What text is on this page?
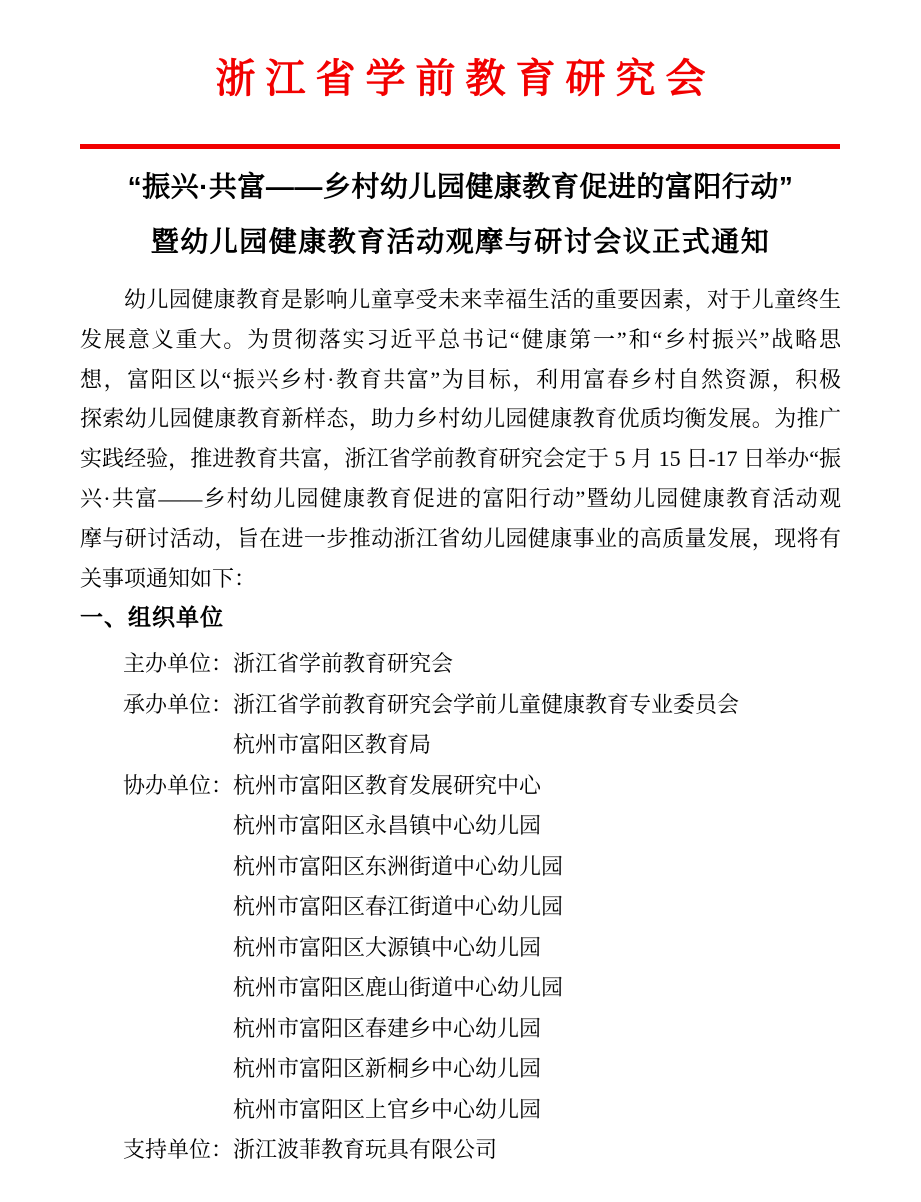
浙 江 省 学 前 教 育 研 究 会
“振兴·共富——乡村幼儿园健康教育促进的富阳行动”
暨幼儿园健康教育活动观摩与研讨会议正式通知
幼儿园健康教育是影响儿童享受未来幸福生活的重要因素，对于儿童终生
发展意义重大。为贯彻落实习近平总书记“健康第一”和“乡村振兴”战略思
想，富阳区以“振兴乡村·教育共富”为目标，利用富春乡村自然资源，积极
探索幼儿园健康教育新样态，助力乡村幼儿园健康教育优质均衡发展。为推广
实践经验，推进教育共富，浙江省学前教育研究会定于 5 月 15 日-17 日举办“振
兴·共富——乡村幼儿园健康教育促进的富阳行动”暨幼儿园健康教育活动观
摩与研讨活动，旨在进一步推动浙江省幼儿园健康事业的高质量发展，现将有
关事项通知如下：
一、组织单位
主办单位：浙江省学前教育研究会
承办单位：浙江省学前教育研究会学前儿童健康教育专业委员会
杭州市富阳区教育局
协办单位：杭州市富阳区教育发展研究中心
杭州市富阳区永昌镇中心幼儿园
杭州市富阳区东洲街道中心幼儿园
杭州市富阳区春江街道中心幼儿园
杭州市富阳区大源镇中心幼儿园
杭州市富阳区鹿山街道中心幼儿园
杭州市富阳区春建乡中心幼儿园
杭州市富阳区新桐乡中心幼儿园
杭州市富阳区上官乡中心幼儿园
支持单位：浙江波菲教育玩具有限公司
